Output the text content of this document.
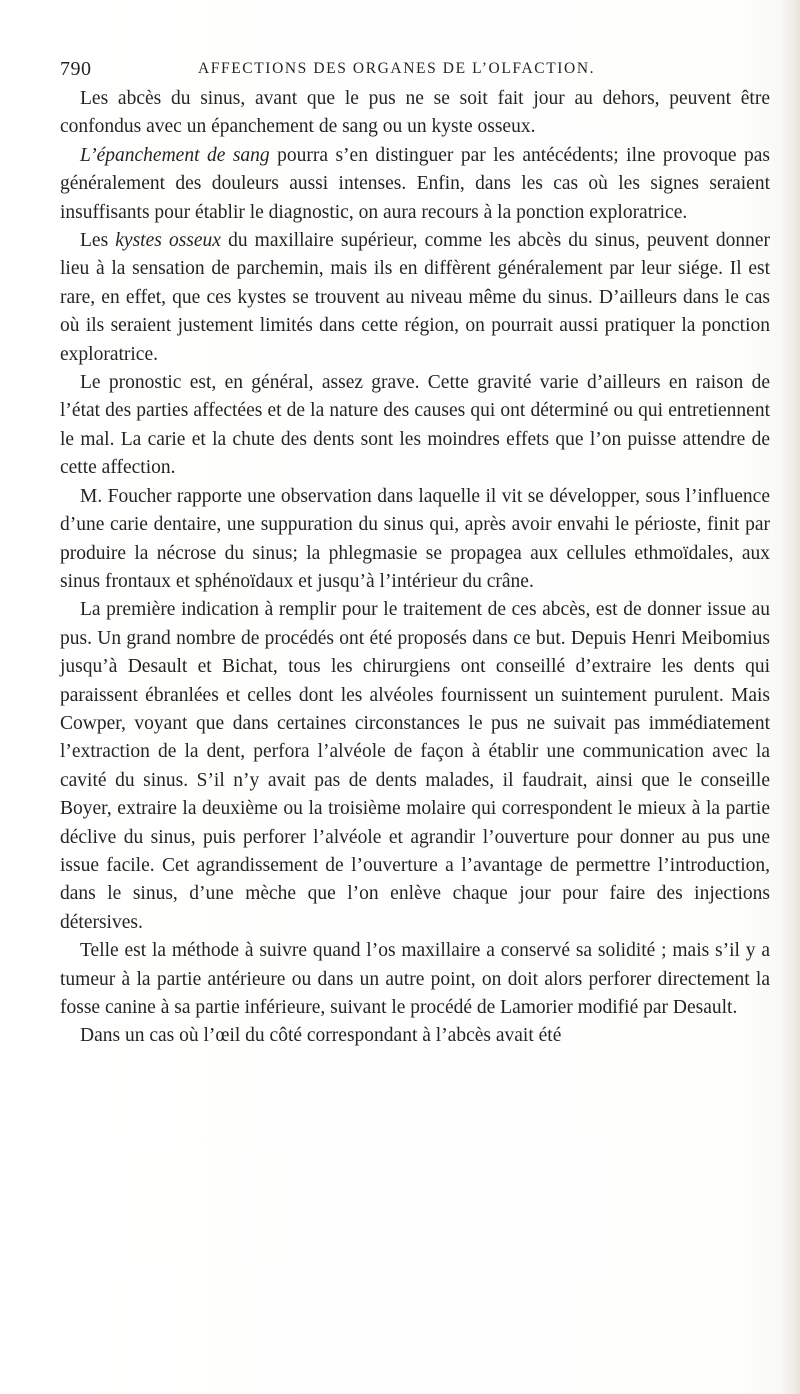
790	AFFECTIONS DES ORGANES DE L’OLFACTION.

Les abcès du sinus, avant que le pus ne se soit fait jour au dehors, peuvent être confondus avec un épanchement de sang ou un kyste osseux.

L’épanchement de sang pourra s’en distinguer par les antécédents; ilne provoque pas généralement des douleurs aussi intenses. Enfin, dans les cas où les signes seraient insuffisants pour établir le diagnostic, on aura recours à la ponction exploratrice.

Les kystes osseux du maxillaire supérieur, comme les abcès du sinus, peuvent donner lieu à la sensation de parchemin, mais ils en diffèrent généralement par leur siége. Il est rare, en effet, que ces kystes se trouvent au niveau même du sinus. D’ailleurs dans le cas où ils seraient justement limités dans cette région, on pourrait aussi pratiquer la ponction exploratrice.

Le pronostic est, en général, assez grave. Cette gravité varie d’ailleurs en raison de l’état des parties affectées et de la nature des causes qui ont déterminé ou qui entretiennent le mal. La carie et la chute des dents sont les moindres effets que l’on puisse attendre de cette affection.

M. Foucher rapporte une observation dans laquelle il vit se développer, sous l’influence d’une carie dentaire, une suppuration du sinus qui, après avoir envahi le périoste, finit par produire la nécrose du sinus; la phlegmasie se propagea aux cellules ethmoïdales, aux sinus frontaux et sphénoïdaux et jusqu’à l’intérieur du crâne.

La première indication à remplir pour le traitement de ces abcès, est de donner issue au pus. Un grand nombre de procédés ont été proposés dans ce but. Depuis Henri Meibomius jusqu’à Desault et Bichat, tous les chirurgiens ont conseillé d’extraire les dents qui paraissent ébranlées et celles dont les alvéoles fournissent un suintement purulent. Mais Cowper, voyant que dans certaines circonstances le pus ne suivait pas immédiatement l’extraction de la dent, perfora l’alvéole de façon à établir une communication avec la cavité du sinus. S’il n’y avait pas de dents malades, il faudrait, ainsi que le conseille Boyer, extraire la deuxième ou la troisième molaire qui correspondent le mieux à la partie déclive du sinus, puis perforer l’alvéole et agrandir l’ouverture pour donner au pus une issue facile. Cet agrandissement de l’ouverture a l’avantage de permettre l’introduction, dans le sinus, d’une mèche que l’on enlève chaque jour pour faire des injections détersives.

Telle est la méthode à suivre quand l’os maxillaire a conservé sa solidité ; mais s’il y a tumeur à la partie antérieure ou dans un autre point, on doit alors perforer directement la fosse canine à sa partie inférieure, suivant le procédé de Lamorier modifié par Desault.

Dans un cas où l’œil du côté correspondant à l’abcès avait été
